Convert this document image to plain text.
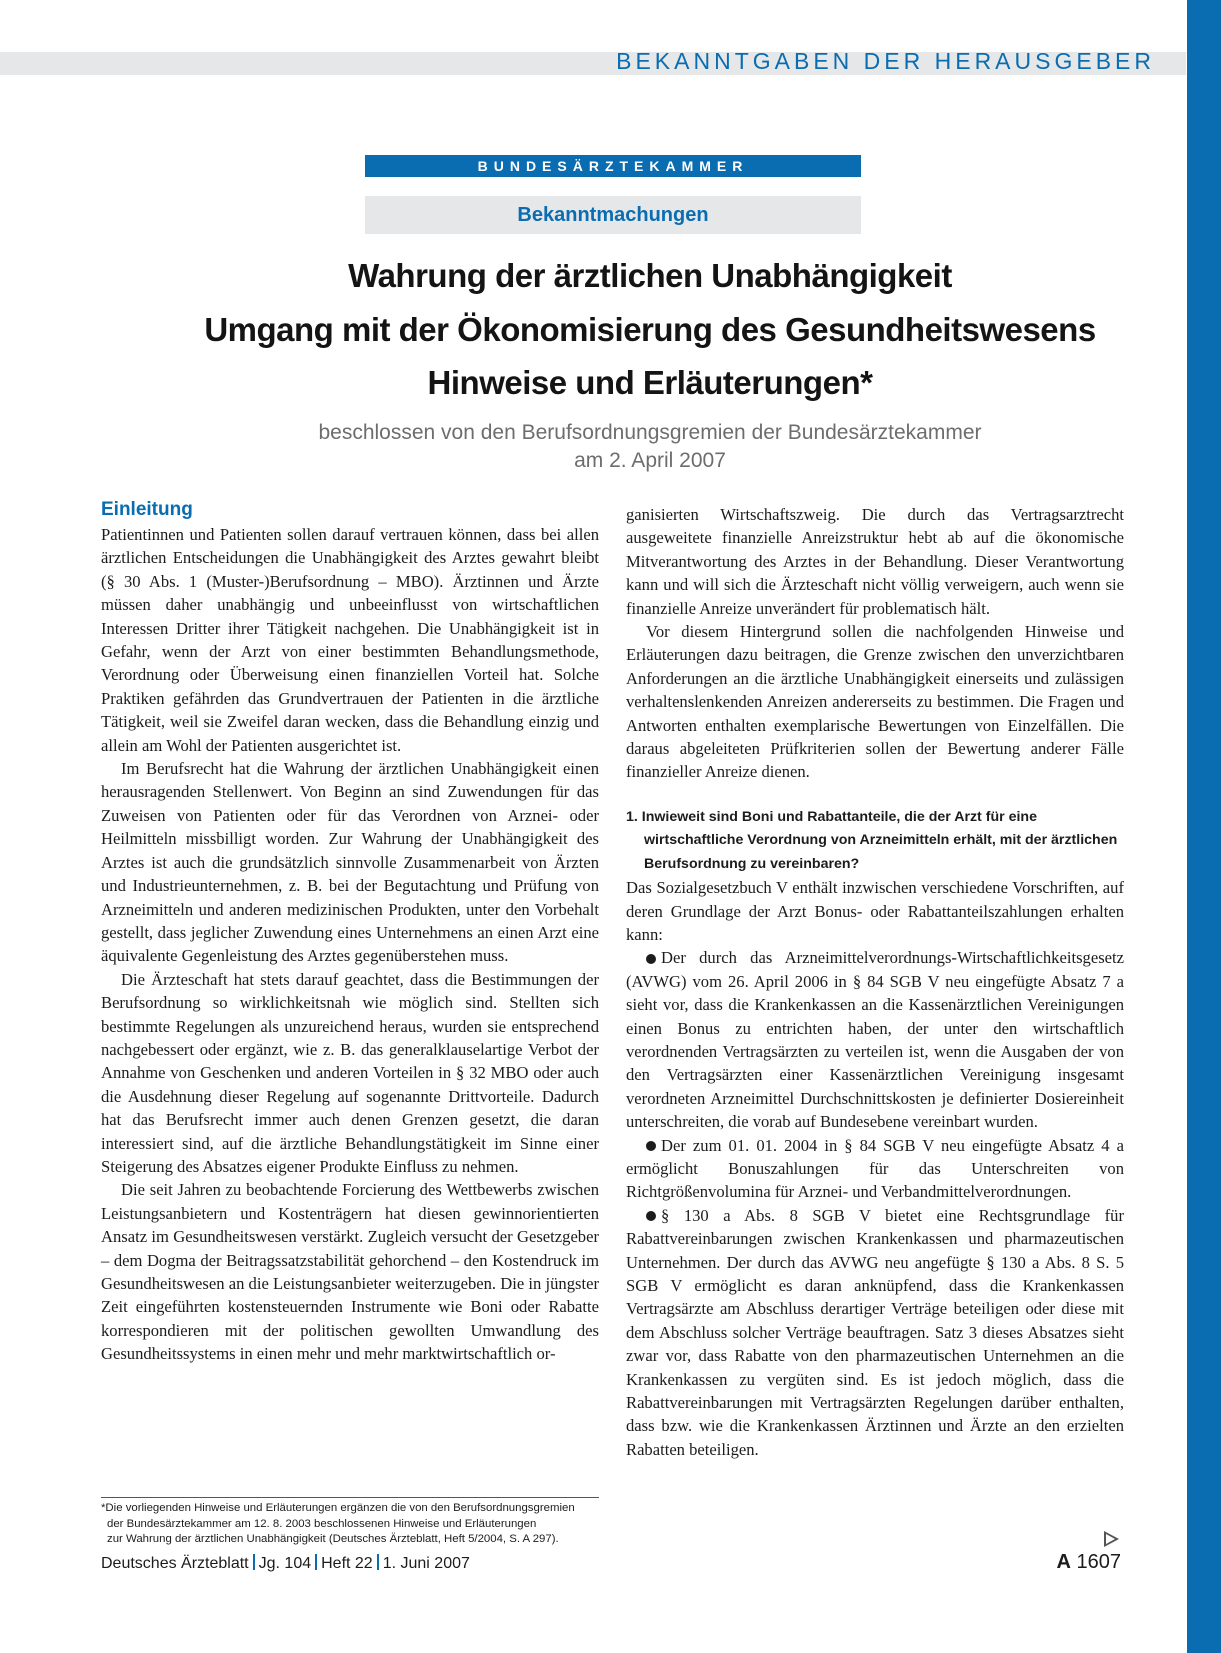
BEKANNTGABEN DER HERAUSGEBER
BUNDESÄRZTEKAMMER
Bekanntmachungen
Wahrung der ärztlichen Unabhängigkeit
Umgang mit der Ökonomisierung des Gesundheitswesens
Hinweise und Erläuterungen*
beschlossen von den Berufsordnungsgremien der Bundesärztekammer
am 2. April 2007
Einleitung

Patientinnen und Patienten sollen darauf vertrauen können, dass bei allen ärztlichen Entscheidungen die Unabhängigkeit des Arztes gewahrt bleibt (§ 30 Abs. 1 (Muster-)Berufsordnung – MBO). Ärztinnen und Ärzte müssen daher unabhängig und unbeeinflusst von wirtschaftlichen Interessen Dritter ihrer Tätigkeit nachgehen. Die Unabhängigkeit ist in Gefahr, wenn der Arzt von einer bestimmten Behandlungsmethode, Verordnung oder Überweisung einen finanziellen Vorteil hat. Solche Praktiken gefährden das Grundvertrauen der Patienten in die ärztliche Tätigkeit, weil sie Zweifel daran wecken, dass die Behandlung einzig und allein am Wohl der Patienten ausgerichtet ist.

Im Berufsrecht hat die Wahrung der ärztlichen Unabhängigkeit einen herausragenden Stellenwert. Von Beginn an sind Zuwendungen für das Zuweisen von Patienten oder für das Verordnen von Arznei- oder Heilmitteln missbilligt worden. Zur Wahrung der Unabhängigkeit des Arztes ist auch die grundsätzlich sinnvolle Zusammenarbeit von Ärzten und Industrieunternehmen, z. B. bei der Begutachtung und Prüfung von Arzneimitteln und anderen medizinischen Produkten, unter den Vorbehalt gestellt, dass jeglicher Zuwendung eines Unternehmens an einen Arzt eine äquivalente Gegenleistung des Arztes gegenüberstehen muss.

Die Ärzteschaft hat stets darauf geachtet, dass die Bestimmungen der Berufsordnung so wirklichkeitsnah wie möglich sind. Stellten sich bestimmte Regelungen als unzureichend heraus, wurden sie entsprechend nachgebessert oder ergänzt, wie z. B. das generalklauselartige Verbot der Annahme von Geschenken und anderen Vorteilen in § 32 MBO oder auch die Ausdehnung dieser Regelung auf sogenannte Drittvorteile. Dadurch hat das Berufsrecht immer auch denen Grenzen gesetzt, die daran interessiert sind, auf die ärztliche Behandlungstätigkeit im Sinne einer Steigerung des Absatzes eigener Produkte Einfluss zu nehmen.

Die seit Jahren zu beobachtende Forcierung des Wettbewerbs zwischen Leistungsanbietern und Kostenträgern hat diesen gewinnorientierten Ansatz im Gesundheitswesen verstärkt. Zugleich versucht der Gesetzgeber – dem Dogma der Beitragssatzstabilität gehorchend – den Kostendruck im Gesundheitswesen an die Leistungsanbieter weiterzugeben. Die in jüngster Zeit eingeführten kostensteuernden Instrumente wie Boni oder Rabatte korrespondieren mit der politischen gewollten Umwandlung des Gesundheitssystems in einen mehr und mehr marktwirtschaftlich or-

ganisierten Wirtschaftszweig. Die durch das Vertragsarztrecht ausgeweitete finanzielle Anreizstruktur hebt ab auf die ökonomische Mitverantwortung des Arztes in der Behandlung. Dieser Verantwortung kann und will sich die Ärzteschaft nicht völlig verweigern, auch wenn sie finanzielle Anreize unverändert für problematisch hält.

Vor diesem Hintergrund sollen die nachfolgenden Hinweise und Erläuterungen dazu beitragen, die Grenze zwischen den unverzichtbaren Anforderungen an die ärztliche Unabhängigkeit einerseits und zulässigen verhaltenslenkenden Anreizen andererseits zu bestimmen. Die Fragen und Antworten enthalten exemplarische Bewertungen von Einzelfällen. Die daraus abgeleiteten Prüfkriterien sollen der Bewertung anderer Fälle finanzieller Anreize dienen.

1. Inwieweit sind Boni und Rabattanteile, die der Arzt für eine wirtschaftliche Verordnung von Arzneimitteln erhält, mit der ärztlichen Berufsordnung zu vereinbaren?

Das Sozialgesetzbuch V enthält inzwischen verschiedene Vorschriften, auf deren Grundlage der Arzt Bonus- oder Rabattanteilszahlungen erhalten kann:

Der durch das Arzneimittelverordnungs-Wirtschaftlichkeitsgesetz (AVWG) vom 26. April 2006 in § 84 SGB V neu eingefügte Absatz 7 a sieht vor, dass die Krankenkassen an die Kassenärztlichen Vereinigungen einen Bonus zu entrichten haben, der unter den wirtschaftlich verordnenden Vertragsärzten zu verteilen ist, wenn die Ausgaben der von den Vertragsärzten einer Kassenärztlichen Vereinigung insgesamt verordneten Arzneimittel Durchschnittskosten je definierter Dosiereinheit unterschreiten, die vorab auf Bundesebene vereinbart wurden.

Der zum 01. 01. 2004 in § 84 SGB V neu eingefügte Absatz 4 a ermöglicht Bonuszahlungen für das Unterschreiten von Richtgrößenvolumina für Arznei- und Verbandmittelverordnungen.

§ 130 a Abs. 8 SGB V bietet eine Rechtsgrundlage für Rabattvereinbarungen zwischen Krankenkassen und pharmazeutischen Unternehmen. Der durch das AVWG neu angefügte § 130 a Abs. 8 S. 5 SGB V ermöglicht es daran anknüpfend, dass die Krankenkassen Vertragsärzte am Abschluss derartiger Verträge beteiligen oder diese mit dem Abschluss solcher Verträge beauftragen. Satz 3 dieses Absatzes sieht zwar vor, dass Rabatte von den pharmazeutischen Unternehmen an die Krankenkassen zu vergüten sind. Es ist jedoch möglich, dass die Rabattvereinbarungen mit Vertragsärzten Regelungen darüber enthalten, dass bzw. wie die Krankenkassen Ärztinnen und Ärzte an den erzielten Rabatten beteiligen.

*Die vorliegenden Hinweise und Erläuterungen ergänzen die von den Berufsordnungsgremien
der Bundesärztekammer am 12. 8. 2003 beschlossenen Hinweise und Erläuterungen
zur Wahrung der ärztlichen Unabhängigkeit (Deutsches Ärzteblatt, Heft 5/2004, S. A 297).
Deutsches Ärzteblatt Jg. 104 Heft 22 1. Juni 2007	A 1607
